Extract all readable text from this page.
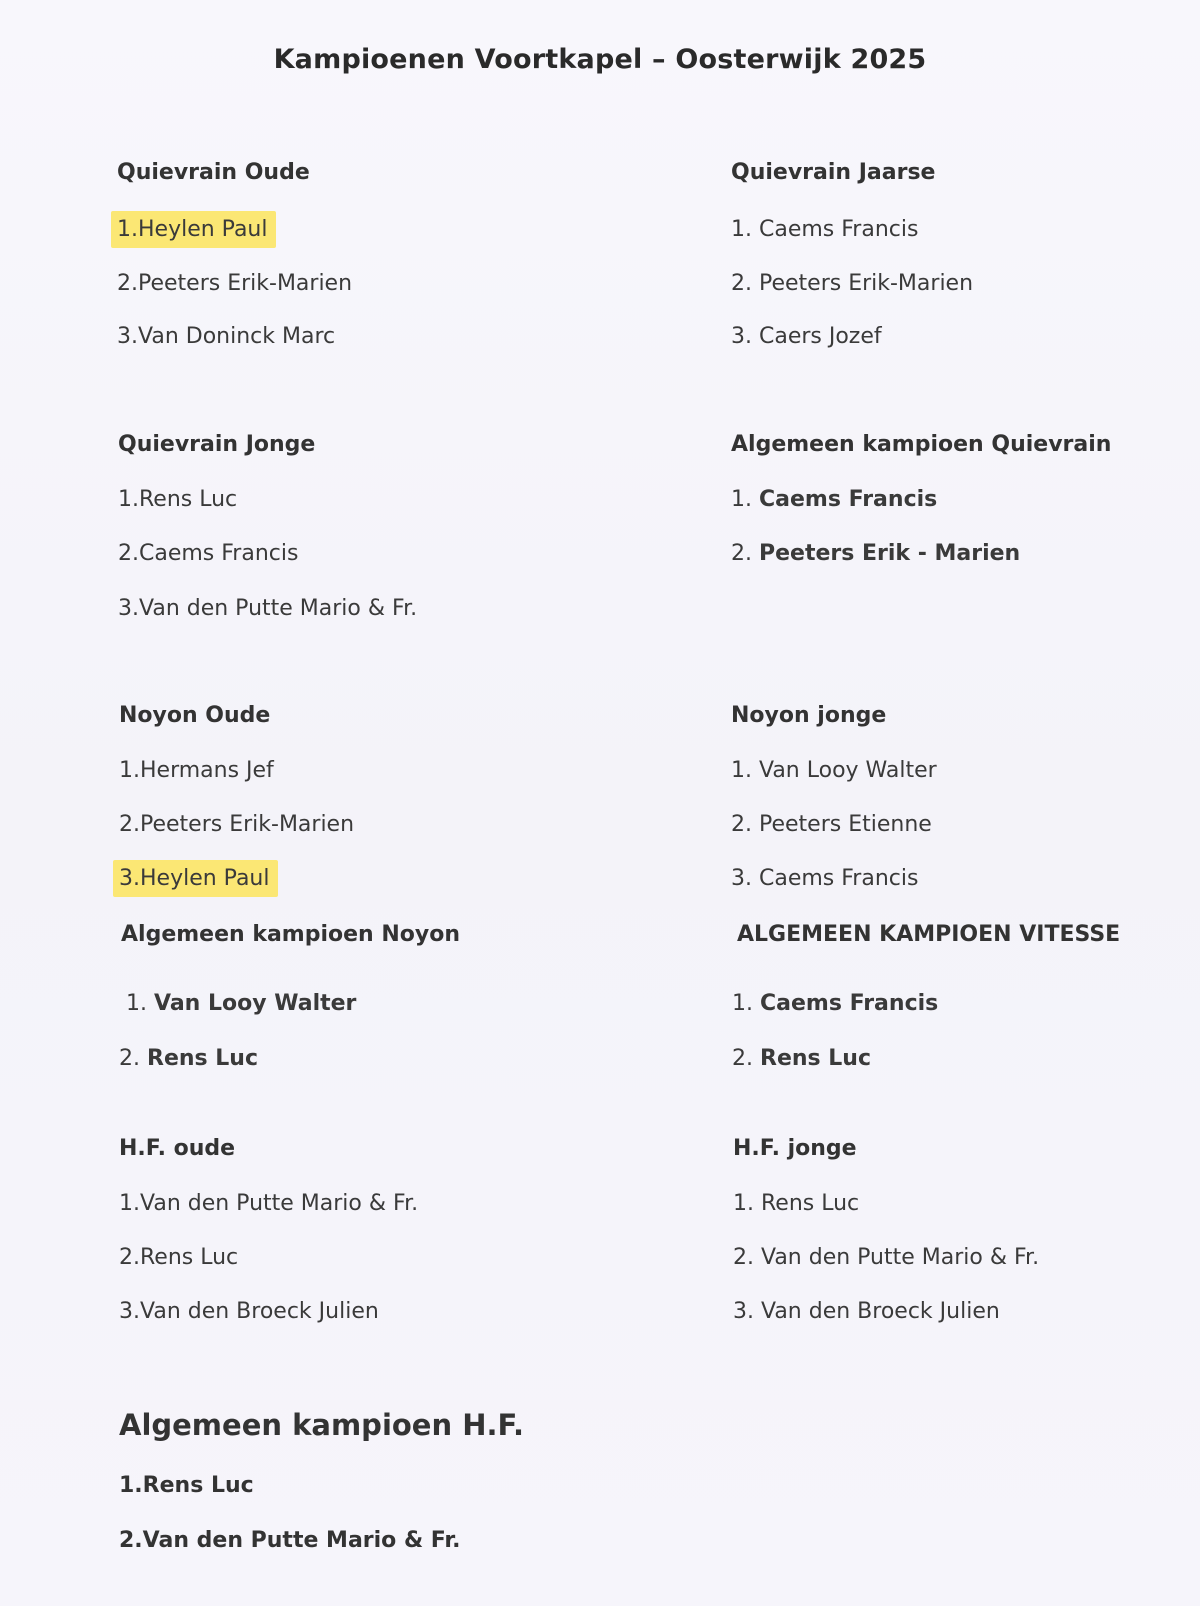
Kampioenen Voortkapel – Oosterwijk 2025
Quievrain Oude
1.Heylen Paul
2.Peeters Erik-Marien
3.Van Doninck Marc
Quievrain Jaarse
1. Caems Francis
2. Peeters Erik-Marien
3. Caers Jozef
Quievrain Jonge
1.Rens Luc
2.Caems Francis
3.Van den Putte Mario & Fr.
Algemeen kampioen Quievrain
1. Caems Francis
2. Peeters Erik - Marien
Noyon Oude
1.Hermans Jef
2.Peeters Erik-Marien
3.Heylen Paul
Noyon jonge
1. Van Looy Walter
2. Peeters Etienne
3. Caems Francis
Algemeen kampioen Noyon
1. Van Looy Walter
2. Rens Luc
ALGEMEEN KAMPIOEN VITESSE
1. Caems Francis
2. Rens Luc
H.F. oude
1.Van den Putte Mario & Fr.
2.Rens Luc
3.Van den Broeck Julien
H.F. jonge
1. Rens Luc
2. Van den Putte Mario & Fr.
3. Van den Broeck Julien
Algemeen kampioen H.F.
1.Rens Luc
2.Van den Putte Mario & Fr.
